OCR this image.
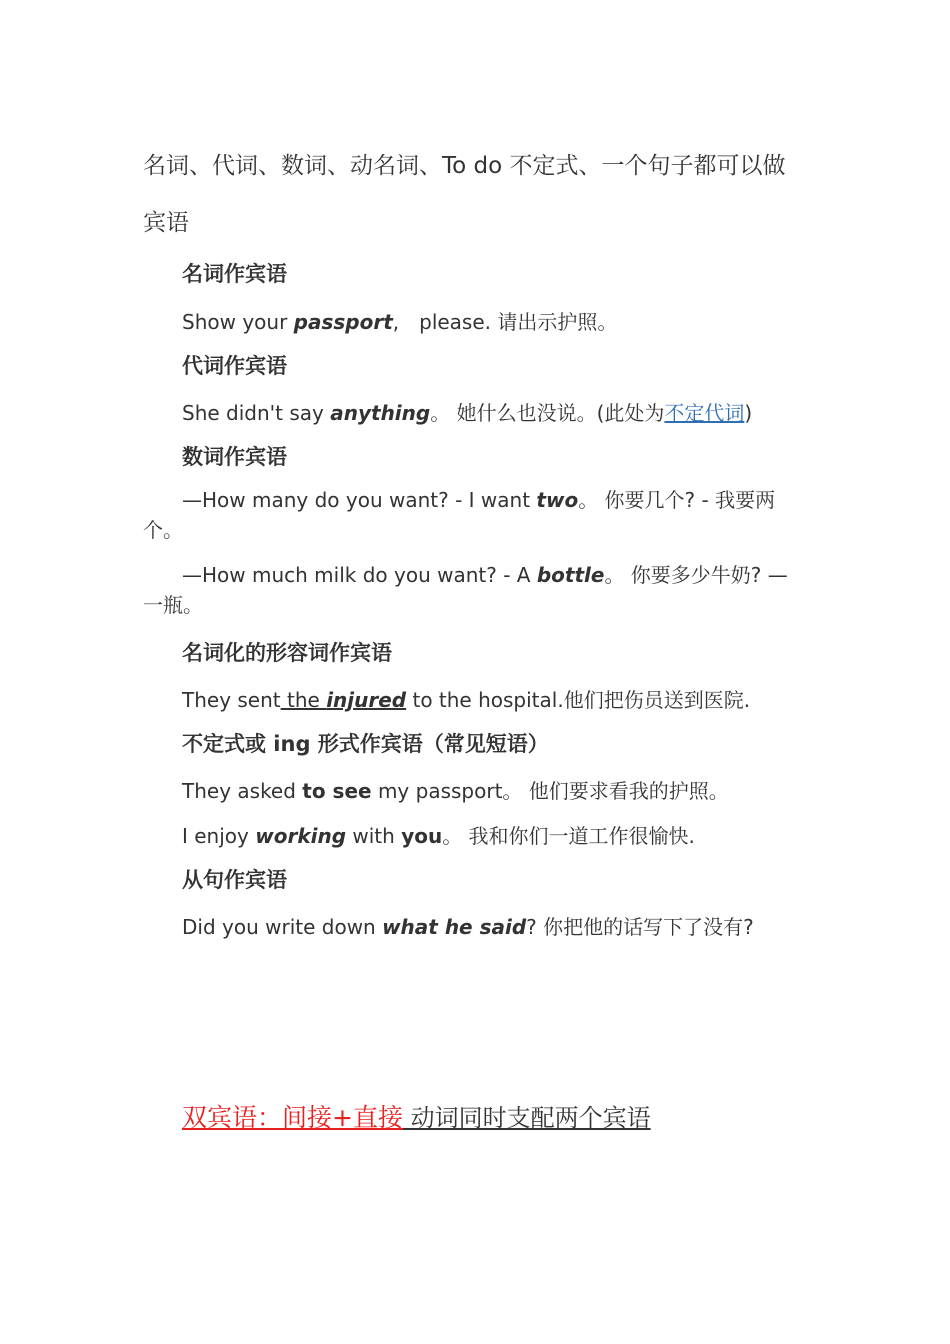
名词、代词、数词、动名词、To do 不定式、一个句子都可以做宾语

名词作宾语

Show your passport,　please. 请出示护照。

代词作宾语

She didn't say anything。 她什么也没说。(此处为不定代词)

数词作宾语

—How many do you want? - I want two。 你要几个? - 我要两个。

—How much milk do you want? - A bottle。 你要多少牛奶? — 一瓶。

名词化的形容词作宾语

They sent the injured to the hospital.他们把伤员送到医院.

不定式或 ing 形式作宾语（常见短语）

They asked to see my passport。 他们要求看我的护照。

I enjoy working with you。 我和你们一道工作很愉快.

从句作宾语

Did you write down what he said? 你把他的话写下了没有?

双宾语：间接+直接 动词同时支配两个宾语
